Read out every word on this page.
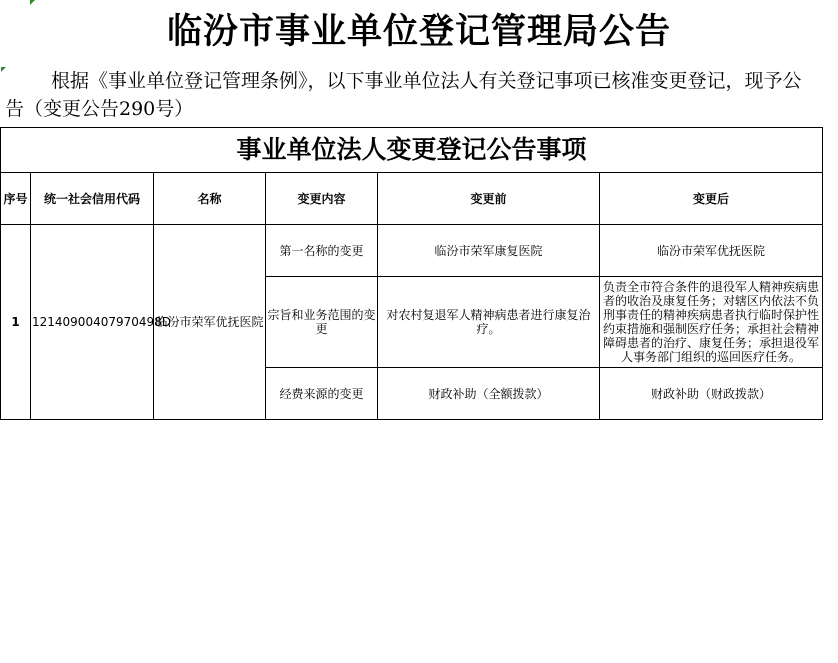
临汾市事业单位登记管理局公告
根据《事业单位登记管理条例》，以下事业单位法人有关登记事项已核准变更登记，现予公告（变更公告290号）
事业单位法人变更登记公告事项					
序号	统一社会信用代码	名称	变更内容	变更前	变更后
1	12140900407970498D	临汾市荣军优抚医院	第一名称的变更	临汾市荣军康复医院	临汾市荣军优抚医院
			宗旨和业务范围的变更	对农村复退军人精神病患者进行康复治疗。	负责全市符合条件的退役军人精神疾病患者的收治及康复任务；对辖区内依法不负刑事责任的精神疾病患者执行临时保护性约束措施和强制医疗任务；承担社会精神障碍患者的治疗、康复任务；承担退役军人事务部门组织的巡回医疗任务。
			经费来源的变更	财政补助（全额拨款）	财政补助（财政拨款）
